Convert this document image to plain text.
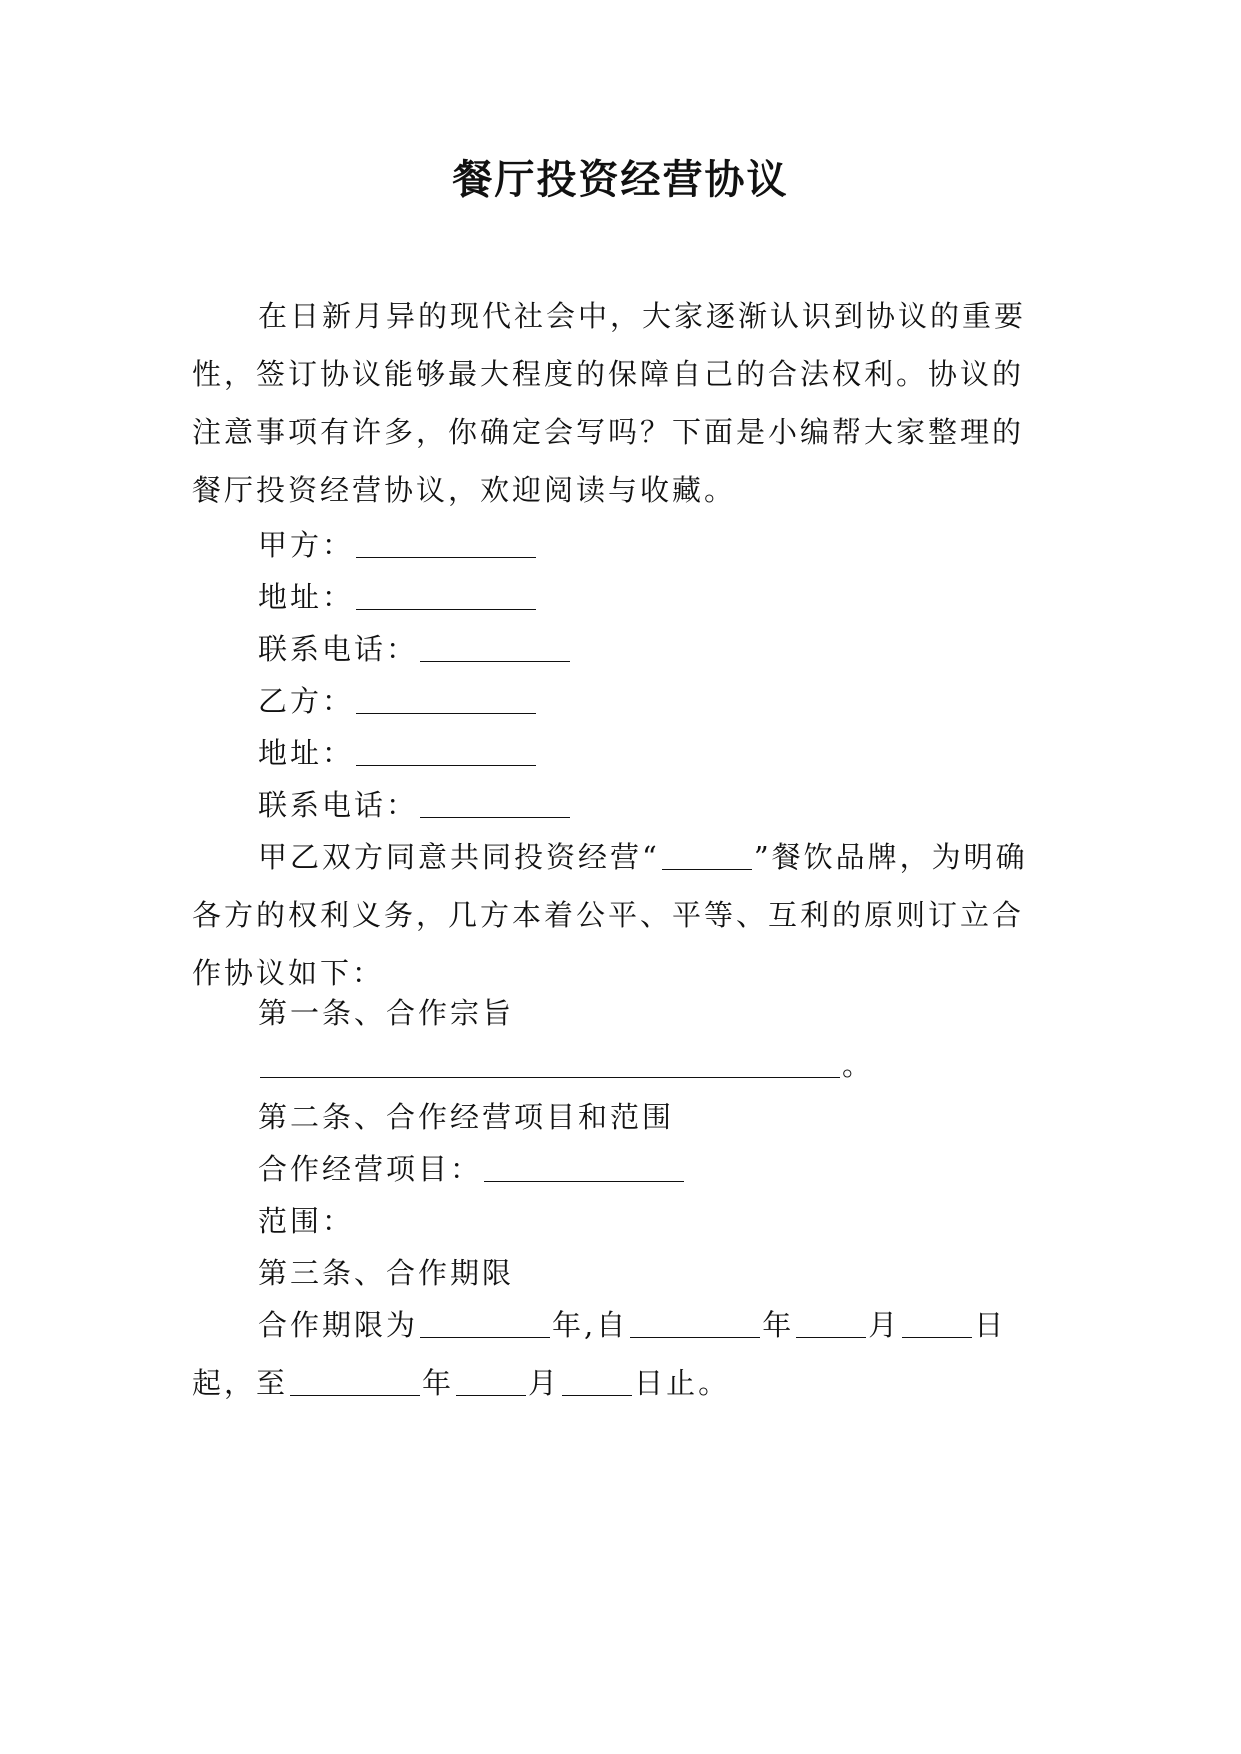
餐厅投资经营协议

在日新月异的现代社会中，大家逐渐认识到协议的重要性，签订协议能够最大程度的保障自己的合法权利。协议的注意事项有许多，你确定会写吗？下面是小编帮大家整理的餐厅投资经营协议，欢迎阅读与收藏。

甲方：
地址：
联系电话：
乙方：
地址：
联系电话：

甲乙双方同意共同投资经营“	”餐饮品牌，为明确各方的权利义务，几方本着公平、平等、互利的原则订立合作协议如下：

第一条、合作宗旨
。
第二条、合作经营项目和范围
合作经营项目：
范围：
第三条、合作期限

合作期限为	年,自	年	月	日起，至	年	月	日止。
